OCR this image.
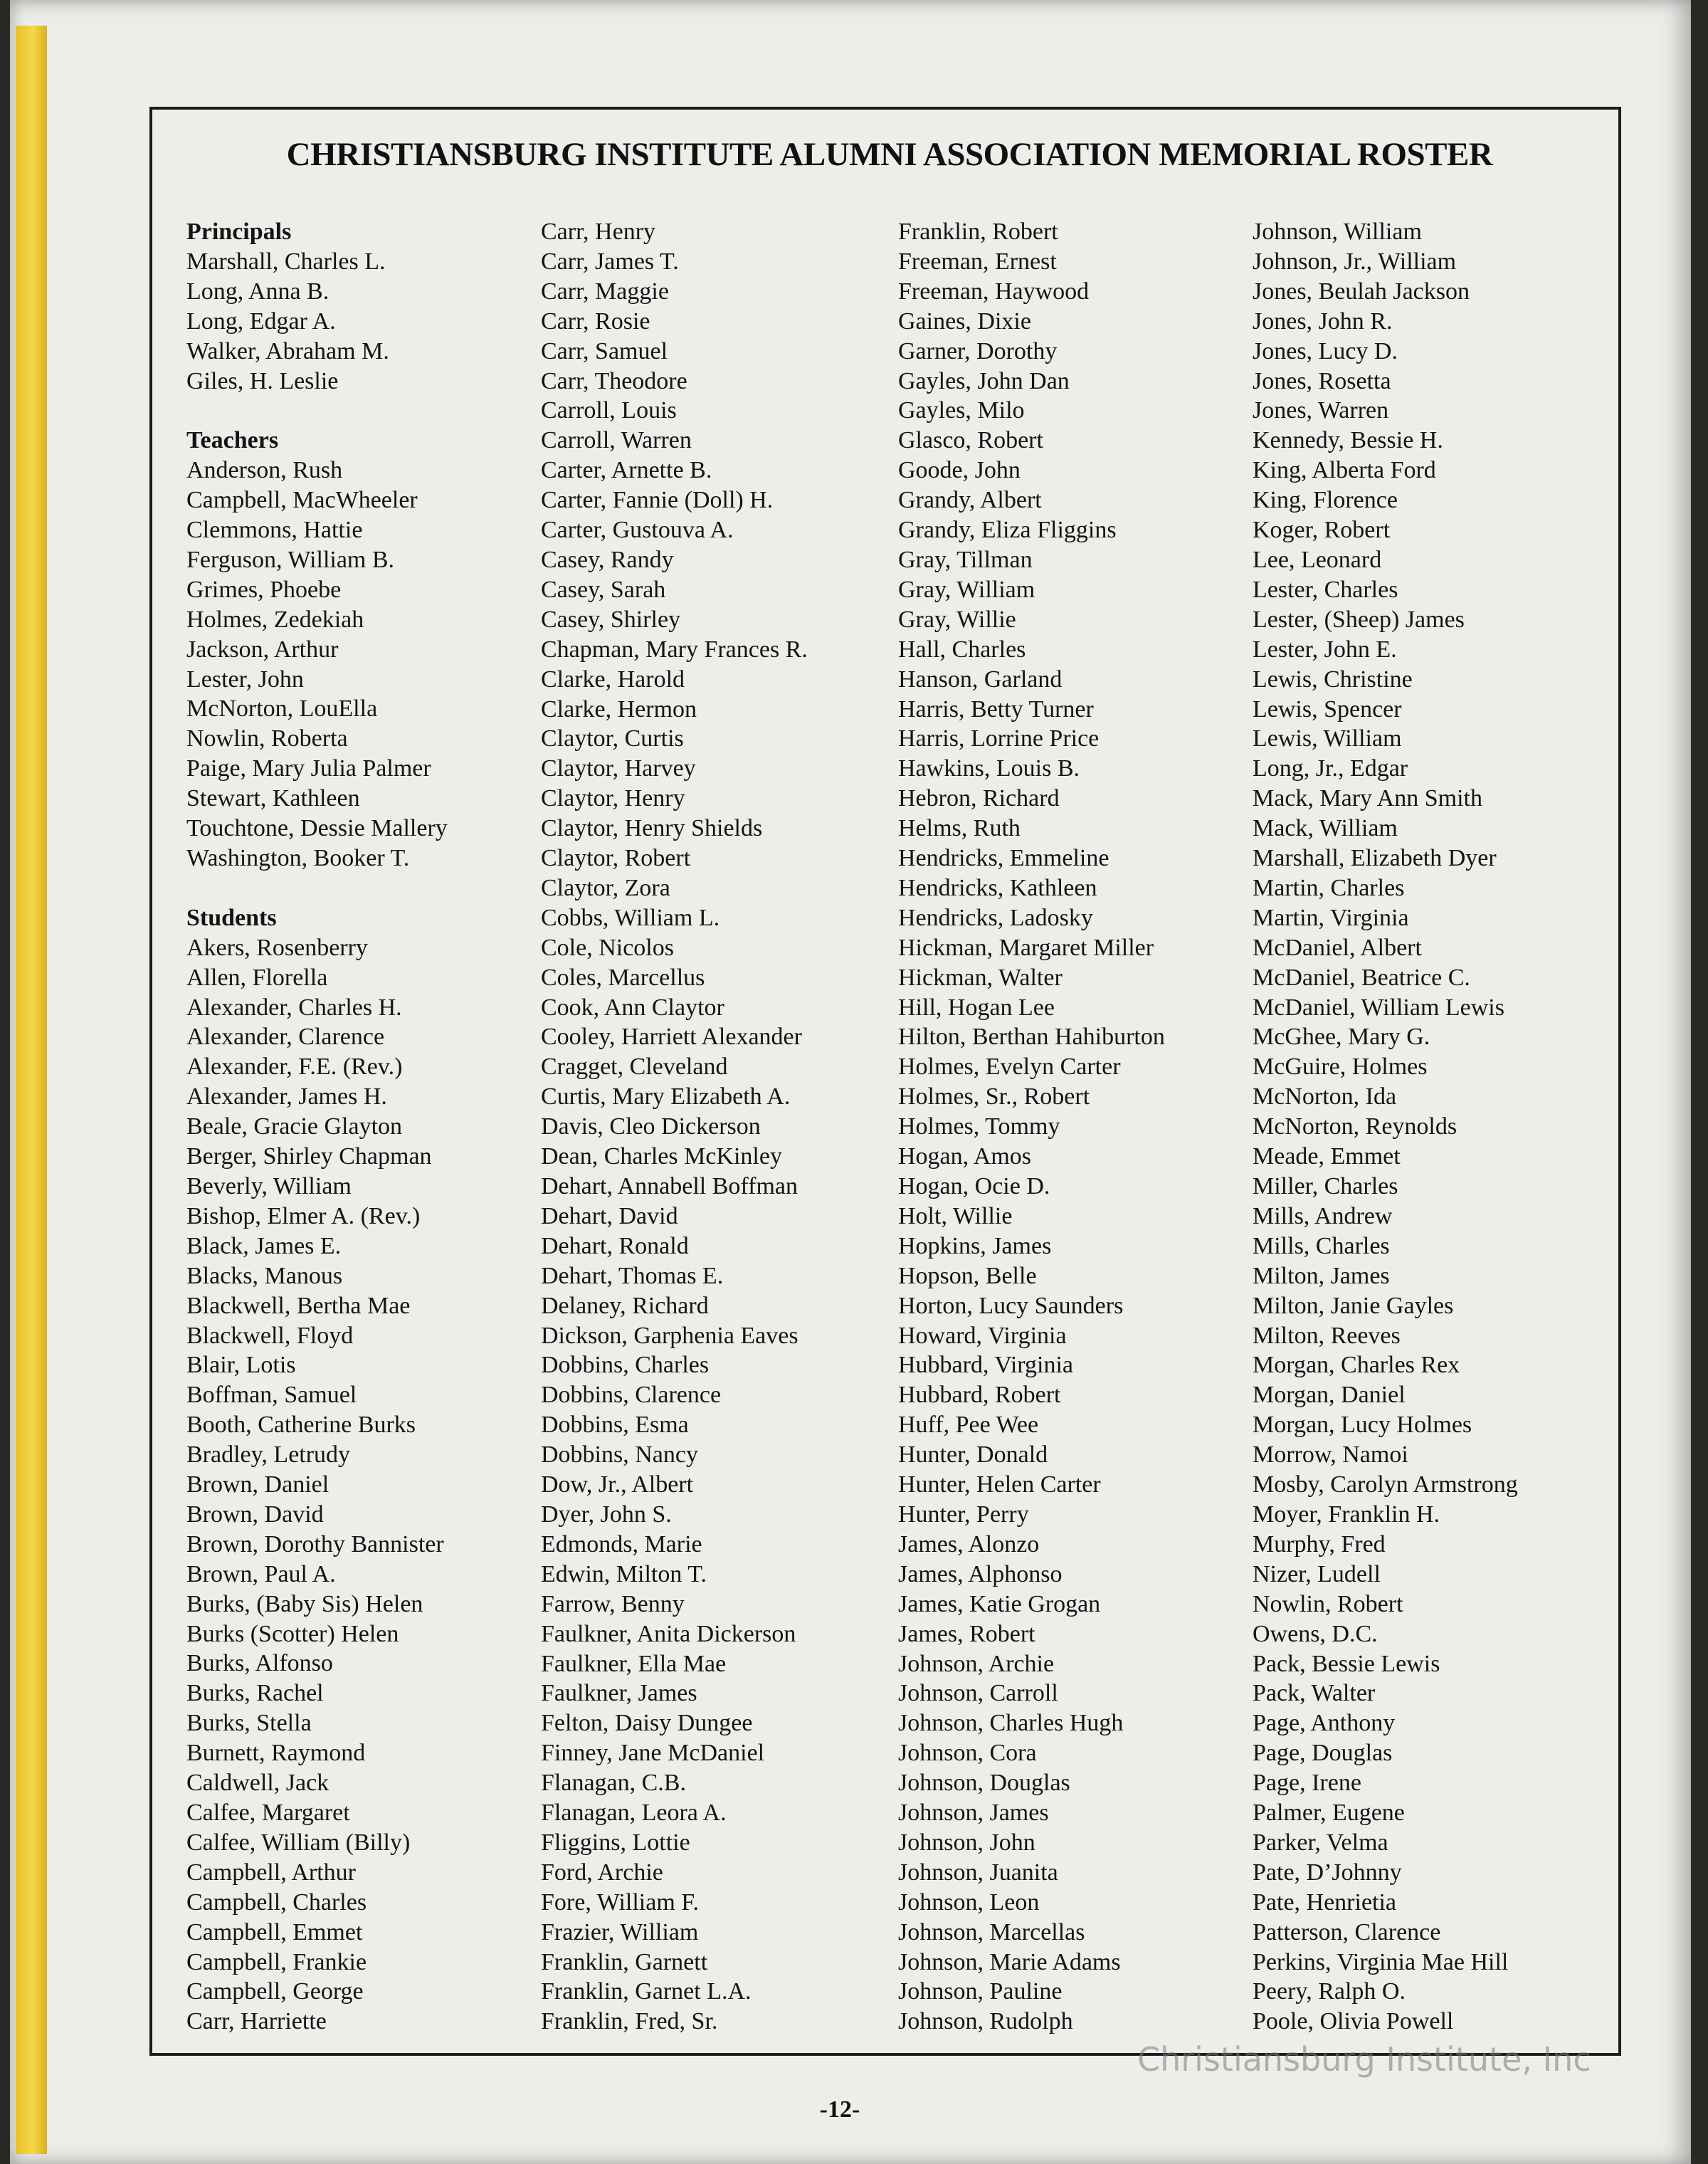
CHRISTIANSBURG INSTITUTE ALUMNI ASSOCIATION MEMORIAL ROSTER
Principals
Marshall, Charles L.
Long, Anna B.
Long, Edgar A.
Walker, Abraham M.
Giles, H. Leslie
Teachers
Anderson, Rush
Campbell, MacWheeler
Clemmons, Hattie
Ferguson, William B.
Grimes, Phoebe
Holmes, Zedekiah
Jackson, Arthur
Lester, John
McNorton, LouElla
Nowlin, Roberta
Paige, Mary Julia Palmer
Stewart, Kathleen
Touchtone, Dessie Mallery
Washington, Booker T.
Students
Akers, Rosenberry
Allen, Florella
Alexander, Charles H.
Alexander, Clarence
Alexander, F.E. (Rev.)
Alexander, James H.
Beale, Gracie Glayton
Berger, Shirley Chapman
Beverly, William
Bishop, Elmer A. (Rev.)
Black, James E.
Blacks, Manous
Blackwell, Bertha Mae
Blackwell, Floyd
Blair, Lotis
Boffman, Samuel
Booth, Catherine Burks
Bradley, Letrudy
Brown, Daniel
Brown, David
Brown, Dorothy Bannister
Brown, Paul A.
Burks, (Baby Sis) Helen
Burks (Scotter) Helen
Burks, Alfonso
Burks, Rachel
Burks, Stella
Burnett, Raymond
Caldwell, Jack
Calfee, Margaret
Calfee, William (Billy)
Campbell, Arthur
Campbell, Charles
Campbell, Emmet
Campbell, Frankie
Campbell, George
Carr, Harriette
Carr, Henry
Carr, James T.
Carr, Maggie
Carr, Rosie
Carr, Samuel
Carr, Theodore
Carroll, Louis
Carroll, Warren
Carter, Arnette B.
Carter, Fannie (Doll) H.
Carter, Gustouva A.
Casey, Randy
Casey, Sarah
Casey, Shirley
Chapman, Mary Frances R.
Clarke, Harold
Clarke, Hermon
Claytor, Curtis
Claytor, Harvey
Claytor, Henry
Claytor, Henry Shields
Claytor, Robert
Claytor, Zora
Cobbs, William L.
Cole, Nicolos
Coles, Marcellus
Cook, Ann Claytor
Cooley, Harriett Alexander
Cragget, Cleveland
Curtis, Mary Elizabeth A.
Davis, Cleo Dickerson
Dean, Charles McKinley
Dehart, Annabell Boffman
Dehart, David
Dehart, Ronald
Dehart, Thomas E.
Delaney, Richard
Dickson, Garphenia Eaves
Dobbins, Charles
Dobbins, Clarence
Dobbins, Esma
Dobbins, Nancy
Dow, Jr., Albert
Dyer, John S.
Edmonds, Marie
Edwin, Milton T.
Farrow, Benny
Faulkner, Anita Dickerson
Faulkner, Ella Mae
Faulkner, James
Felton, Daisy Dungee
Finney, Jane McDaniel
Flanagan, C.B.
Flanagan, Leora A.
Fliggins, Lottie
Ford, Archie
Fore, William F.
Frazier, William
Franklin, Garnett
Franklin, Garnet L.A.
Franklin, Fred, Sr.
Franklin, Robert
Freeman, Ernest
Freeman, Haywood
Gaines, Dixie
Garner, Dorothy
Gayles, John Dan
Gayles, Milo
Glasco, Robert
Goode, John
Grandy, Albert
Grandy, Eliza Fliggins
Gray, Tillman
Gray, William
Gray, Willie
Hall, Charles
Hanson, Garland
Harris, Betty Turner
Harris, Lorrine Price
Hawkins, Louis B.
Hebron, Richard
Helms, Ruth
Hendricks, Emmeline
Hendricks, Kathleen
Hendricks, Ladosky
Hickman, Margaret Miller
Hickman, Walter
Hill, Hogan Lee
Hilton, Berthan Hahiburton
Holmes, Evelyn Carter
Holmes, Sr., Robert
Holmes, Tommy
Hogan, Amos
Hogan, Ocie D.
Holt, Willie
Hopkins, James
Hopson, Belle
Horton, Lucy Saunders
Howard, Virginia
Hubbard, Virginia
Hubbard, Robert
Huff, Pee Wee
Hunter, Donald
Hunter, Helen Carter
Hunter, Perry
James, Alonzo
James, Alphonso
James, Katie Grogan
James, Robert
Johnson, Archie
Johnson, Carroll
Johnson, Charles Hugh
Johnson, Cora
Johnson, Douglas
Johnson, James
Johnson, John
Johnson, Juanita
Johnson, Leon
Johnson, Marcellas
Johnson, Marie Adams
Johnson, Pauline
Johnson, Rudolph
Johnson, William
Johnson, Jr., William
Jones, Beulah Jackson
Jones, John R.
Jones, Lucy D.
Jones, Rosetta
Jones, Warren
Kennedy, Bessie H.
King, Alberta Ford
King, Florence
Koger, Robert
Lee, Leonard
Lester, Charles
Lester, (Sheep) James
Lester, John E.
Lewis, Christine
Lewis, Spencer
Lewis, William
Long, Jr., Edgar
Mack, Mary Ann Smith
Mack, William
Marshall, Elizabeth Dyer
Martin, Charles
Martin, Virginia
McDaniel, Albert
McDaniel, Beatrice C.
McDaniel, William Lewis
McGhee, Mary G.
McGuire, Holmes
McNorton, Ida
McNorton, Reynolds
Meade, Emmet
Miller, Charles
Mills, Andrew
Mills, Charles
Milton, James
Milton, Janie Gayles
Milton, Reeves
Morgan, Charles Rex
Morgan, Daniel
Morgan, Lucy Holmes
Morrow, Namoi
Mosby, Carolyn Armstrong
Moyer, Franklin H.
Murphy, Fred
Nizer, Ludell
Nowlin, Robert
Owens, D.C.
Pack, Bessie Lewis
Pack, Walter
Page, Anthony
Page, Douglas
Page, Irene
Palmer, Eugene
Parker, Velma
Pate, D’Johnny
Pate, Henrietia
Patterson, Clarence
Perkins, Virginia Mae Hill
Peery, Ralph O.
Poole, Olivia Powell
-12-
Christiansburg Institute, Inc
